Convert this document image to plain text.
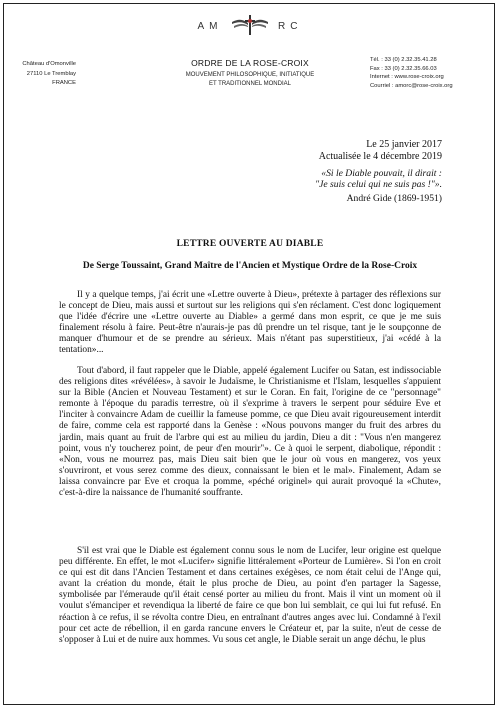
AM	RC
Château d'Omonville
27110 Le Tremblay
FRANCE
ORDRE DE LA ROSE-CROIX
MOUVEMENT PHILOSOPHIQUE, INITIATIQUE
ET TRADITIONNEL MONDIAL
Tél. : 33 (0) 2.32.35.41.28
Fax : 33 (0) 2.32.35.66.03
Internet : www.rose-croix.org
Courriel : amorc@rose-croix.org
Le 25 janvier 2017
Actualisée le 4 décembre 2019
«Si le Diable pouvait, il dirait :
"Je suis celui qui ne suis pas !"».
André Gide (1869-1951)
LETTRE OUVERTE AU DIABLE
De Serge Toussaint, Grand Maître de l'Ancien et Mystique Ordre de la Rose-Croix

Il y a quelque temps, j'ai écrit une «Lettre ouverte à Dieu», prétexte à partager des réflexions sur le concept de Dieu, mais aussi et surtout sur les religions qui s'en réclament. C'est donc logiquement que l'idée d'écrire une «Lettre ouverte au Diable» a germé dans mon esprit, ce que je me suis finalement résolu à faire. Peut-être n'aurais-je pas dû prendre un tel risque, tant je le soupçonne de manquer d'humour et de se prendre au sérieux. Mais n'étant pas superstitieux, j'ai «cédé à la tentation»...

Tout d'abord, il faut rappeler que le Diable, appelé également Lucifer ou Satan, est indissociable des religions dites «révélées», à savoir le Judaïsme, le Christianisme et l'Islam, lesquelles s'appuient sur la Bible (Ancien et Nouveau Testament) et sur le Coran. En fait, l'origine de ce "personnage" remonte à l'époque du paradis terrestre, où il s'exprime à travers le serpent pour séduire Eve et l'inciter à convaincre Adam de cueillir la fameuse pomme, ce que Dieu avait rigoureusement interdit de faire, comme cela est rapporté dans la Genèse : «Nous pouvons manger du fruit des arbres du jardin, mais quant au fruit de l'arbre qui est au milieu du jardin, Dieu a dit : "Vous n'en mangerez point, vous n'y toucherez point, de peur d'en mourir"». Ce à quoi le serpent, diabolique, répondit : «Non, vous ne mourrez pas, mais Dieu sait bien que le jour où vous en mangerez, vos yeux s'ouvriront, et vous serez comme des dieux, connaissant le bien et le mal». Finalement, Adam se laissa convaincre par Eve et croqua la pomme, «péché originel» qui aurait provoqué la «Chute», c'est-à-dire la naissance de l'humanité souffrante.

S'il est vrai que le Diable est également connu sous le nom de Lucifer, leur origine est quelque peu différente. En effet, le mot «Lucifer» signifie littéralement «Porteur de Lumière». Si l'on en croit ce qui est dit dans l'Ancien Testament et dans certaines exégèses, ce nom était celui de l'Ange qui, avant la création du monde, était le plus proche de Dieu, au point d'en partager la Sagesse, symbolisée par l'émeraude qu'il était censé porter au milieu du front. Mais il vint un moment où il voulut s'émanciper et revendiqua la liberté de faire ce que bon lui semblait, ce qui lui fut refusé. En réaction à ce refus, il se révolta contre Dieu, en entraînant d'autres anges avec lui. Condamné à l'exil pour cet acte de rébellion, il en garda rancune envers le Créateur et, par la suite, n'eut de cesse de s'opposer à Lui et de nuire aux hommes. Vu sous cet angle, le Diable serait un ange déchu, le plus
